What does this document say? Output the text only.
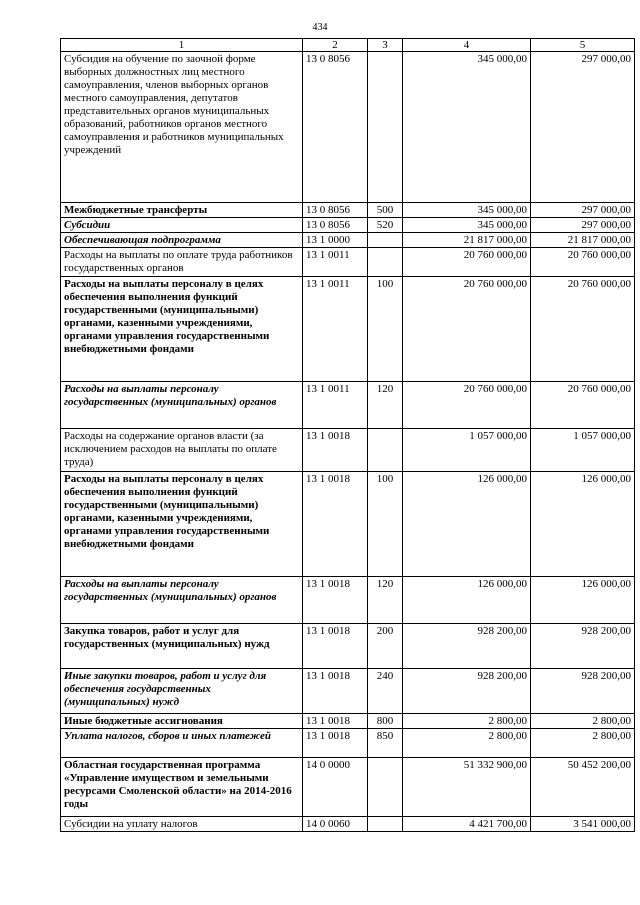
434
1	2	3	4	5
Субсидия на обучение по заочной форме выборных должностных лиц местного самоуправления, членов выборных органов местного самоуправления, депутатов представительных органов муниципальных образований, работников органов местного самоуправления и работников муниципальных учреждений	13 0 8056		345 000,00	297 000,00
Межбюджетные трансферты	13 0 8056	500	345 000,00	297 000,00
Субсидии	13 0 8056	520	345 000,00	297 000,00
Обеспечивающая подпрограмма	13 1 0000		21 817 000,00	21 817 000,00
Расходы на выплаты по оплате труда работников государственных органов	13 1 0011		20 760 000,00	20 760 000,00
Расходы на выплаты персоналу в целях обеспечения выполнения функций государственными (муниципальными) органами, казенными учреждениями, органами управления государственными внебюджетными фондами	13 1 0011	100	20 760 000,00	20 760 000,00
Расходы на выплаты персоналу государственных (муниципальных) органов	13 1 0011	120	20 760 000,00	20 760 000,00
Расходы на содержание органов власти (за исключением расходов на выплаты по оплате труда)	13 1 0018		1 057 000,00	1 057 000,00
Расходы на выплаты персоналу в целях обеспечения выполнения функций государственными (муниципальными) органами, казенными учреждениями, органами управления государственными внебюджетными фондами	13 1 0018	100	126 000,00	126 000,00
Расходы на выплаты персоналу государственных (муниципальных) органов	13 1 0018	120	126 000,00	126 000,00
Закупка товаров, работ и услуг для государственных (муниципальных) нужд	13 1 0018	200	928 200,00	928 200,00
Иные закупки товаров, работ и услуг для обеспечения государственных (муниципальных) нужд	13 1 0018	240	928 200,00	928 200,00
Иные бюджетные ассигнования	13 1 0018	800	2 800,00	2 800,00
Уплата налогов, сборов и иных платежей	13 1 0018	850	2 800,00	2 800,00
Областная государственная программа «Управление имуществом и земельными ресурсами Смоленской области» на 2014-2016 годы	14 0 0000		51 332 900,00	50 452 200,00
Субсидии на уплату налогов	14 0 0060		4 421 700,00	3 541 000,00
